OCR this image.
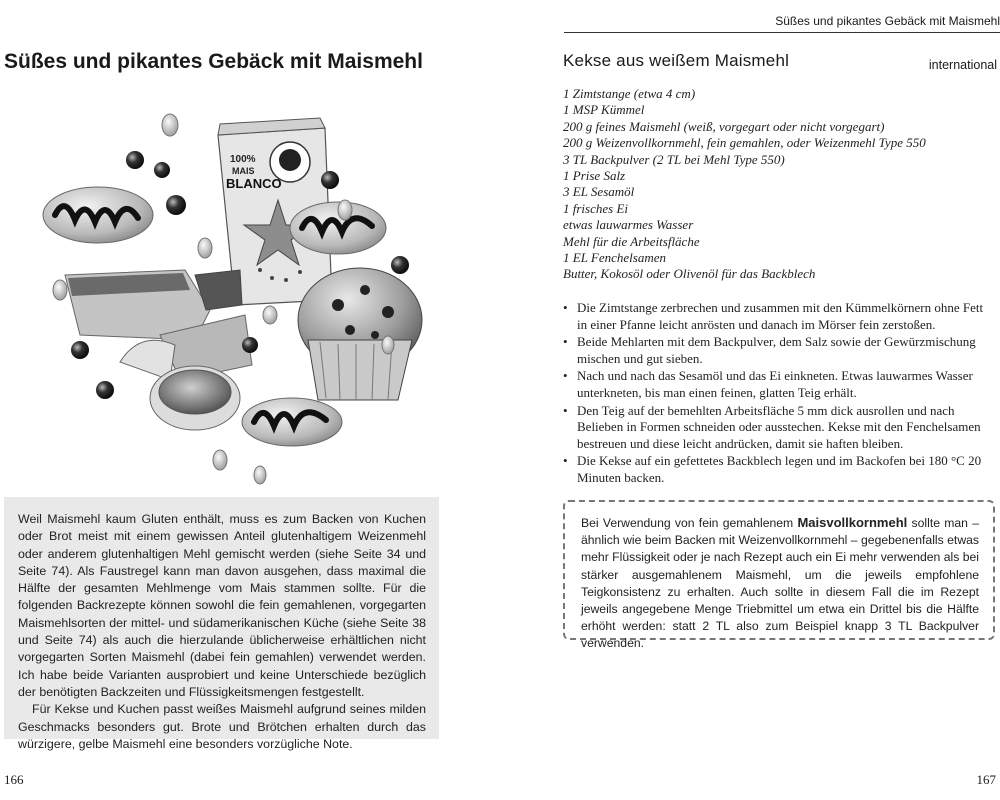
Süßes und pikantes Gebäck mit Maismehl
100%
MAIS
BLANCO

Weil Maismehl kaum Gluten enthält, muss es zum Backen von Kuchen oder Brot meist mit einem gewissen Anteil glutenhaltigem Weizenmehl oder anderem glutenhaltigen Mehl gemischt werden (siehe Seite 34 und Seite 74). Als Faustregel kann man davon ausgehen, dass maximal die Hälfte der gesamten Mehlmenge vom Mais stammen sollte. Für die folgenden Backrezepte können sowohl die fein gemahlenen, vorgegarten Maismehlsorten der mittel- und südamerikanischen Küche (siehe Seite 38 und Seite 74) als auch die hierzulande üblicherweise erhältlichen nicht vorgegarten Sorten Maismehl (dabei fein gemahlen) verwendet werden. Ich habe beide Varianten ausprobiert und keine Unterschiede bezüglich der benötigten Backzeiten und Flüssigkeitsmengen festgestellt.

Für Kekse und Kuchen passt weißes Maismehl aufgrund seines milden Geschmacks besonders gut. Brote und Brötchen erhalten durch das würzigere, gelbe Maismehl eine besonders vorzügliche Note.

166
Süßes und pikantes Gebäck mit Maismehl
Kekse aus weißem Maismehl	international
1 Zimtstange (etwa 4 cm)
1 MSP Kümmel
200 g feines Maismehl (weiß, vorgegart oder nicht vorgegart)
200 g Weizenvollkornmehl, fein gemahlen, oder Weizenmehl Type 550
3 TL Backpulver (2 TL bei Mehl Type 550)
1 Prise Salz
3 EL Sesamöl
1 frisches Ei
etwas lauwarmes Wasser
Mehl für die Arbeitsfläche
1 EL Fenchelsamen
Butter, Kokosöl oder Olivenöl für das Backblech
• Die Zimtstange zerbrechen und zusammen mit den Kümmelkörnern ohne Fett in einer Pfanne leicht anrösten und danach im Mörser fein zerstoßen.
• Beide Mehlarten mit dem Backpulver, dem Salz sowie der Gewürzmischung mischen und gut sieben.
• Nach und nach das Sesamöl und das Ei einkneten. Etwas lauwarmes Wasser unterkneten, bis man einen feinen, glatten Teig erhält.
• Den Teig auf der bemehlten Arbeitsfläche 5 mm dick ausrollen und nach Belieben in Formen schneiden oder ausstechen. Kekse mit den Fenchelsamen bestreuen und diese leicht andrücken, damit sie haften bleiben.
• Die Kekse auf ein gefettetes Backblech legen und im Backofen bei 180 °C 20 Minuten backen.
Bei Verwendung von fein gemahlenem Maisvollkornmehl sollte man – ähnlich wie beim Backen mit Weizenvollkornmehl – gegebenenfalls etwas mehr Flüssigkeit oder je nach Rezept auch ein Ei mehr verwenden als bei stärker ausgemahlenem Maismehl, um die jeweils empfohlene Teigkonsistenz zu erhalten. Auch sollte in diesem Fall die im Rezept jeweils angegebene Menge Triebmittel um etwa ein Drittel bis die Hälfte erhöht werden: statt 2 TL also zum Beispiel knapp 3 TL Backpulver verwenden.
167
